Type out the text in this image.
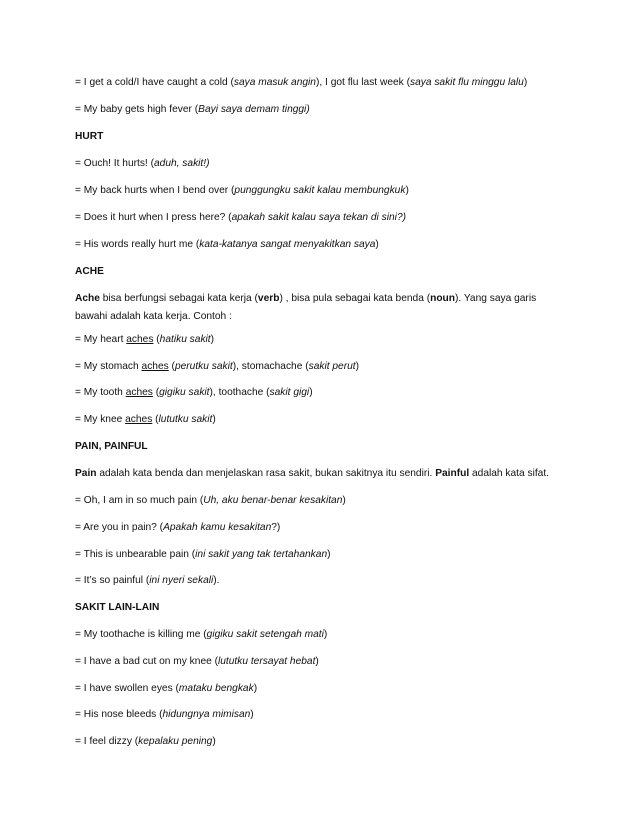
= I get a cold/I have caught a cold (saya masuk angin), I got flu last week (saya sakit flu minggu lalu)
= My baby gets high fever (Bayi saya demam tinggi)
HURT
= Ouch! It hurts! (aduh, sakit!)
= My back hurts when I bend over (punggungku sakit kalau membungkuk)
= Does it hurt when I press here? (apakah sakit kalau saya tekan di sini?)
= His words really hurt me (kata-katanya sangat menyakitkan saya)
ACHE
Ache bisa berfungsi sebagai kata kerja (verb) , bisa pula sebagai kata benda (noun). Yang saya garis
bawahi adalah kata kerja. Contoh :
= My heart aches (hatiku sakit)
= My stomach aches (perutku sakit), stomachache (sakit perut)
= My tooth aches (gigiku sakit), toothache (sakit gigi)
= My knee aches (lututku sakit)
PAIN, PAINFUL
Pain adalah kata benda dan menjelaskan rasa sakit, bukan sakitnya itu sendiri. Painful adalah kata sifat.
= Oh, I am in so much pain (Uh, aku benar-benar kesakitan)
= Are you in pain? (Apakah kamu kesakitan?)
= This is unbearable pain (ini sakit yang tak tertahankan)
= It’s so painful (ini nyeri sekali).
SAKIT LAIN-LAIN
= My toothache is killing me (gigiku sakit setengah mati)
= I have a bad cut on my knee (lututku tersayat hebat)
= I have swollen eyes (mataku bengkak)
= His nose bleeds (hidungnya mimisan)
= I feel dizzy (kepalaku pening)
